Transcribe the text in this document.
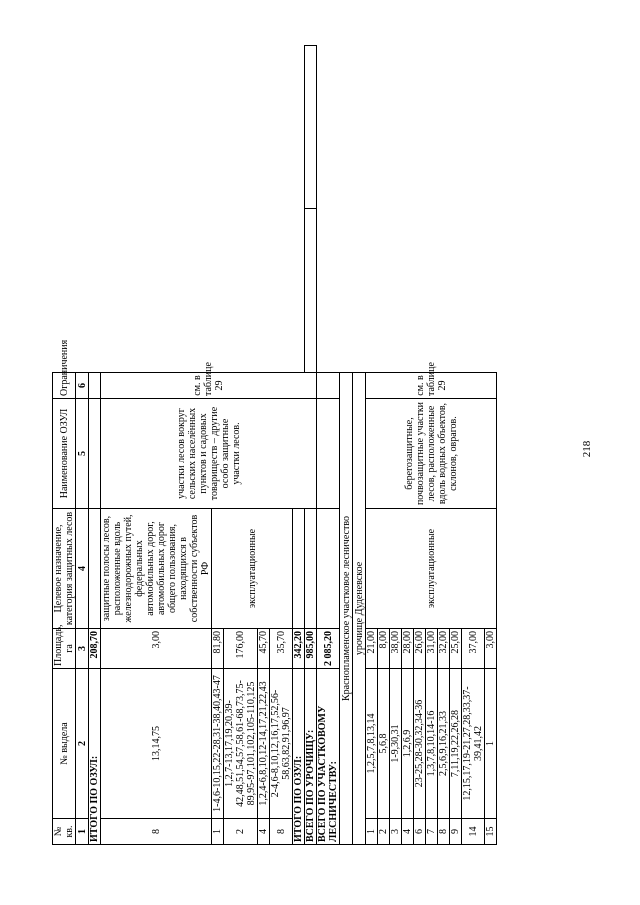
№ кв.	№ выдела	Площадь, га	Целевое назначение, категория защитных лесов	Наименование ОЗУЛ	Ограничения		
1	2	3	4	5	6		
ИТОГО ПО ОЗУЛ:		208,70					
8	13,14,75	3,00	защитные полосы лесов, расположенные вдоль железнодорожных путей, федеральных автомобильных дорог, автомобильных дорог общего пользования, находящихся в собственности субъектов РФ	участки лесов вокруг сельских населённых пунктов и садовых товариществ – другие особо защитные участки лесов.	см. в таблице 29		
1	1-4,6-10,15,22-28,31-38,40,43-47	81,80	эксплуатационные				
2	1,2,7-13,17,19,20,39-42,48,51,54,57,58,61-68,73,75-89,95-97,101,102,105-110,125	176,00					
4	1,2,4-6,8,10,12-14,17,21,22,43	45,70					
8	2-4,6-8,10,12,16,17,52,56-58,63,82,91,96,97	35,70					
ИТОГО ПО ОЗУЛ:		342,20					
ВСЕГО ПО УРОЧИЩУ:		985,00					
ВСЕГО ПО УЧАСТКОВОМУ ЛЕСНИЧЕСТВУ:		2 085,20					
Краснопламенское участковое лесничество							
урочище Дуденевское							
1	1,2,5,7,8,13,14	21,00	эксплуатационные	берегозащитные, почвозащитные участки лесов, расположенные вдоль водных объектов, склонов, оврагов.	см. в таблице 29		
2	5,6,8	8,00					
3	1-9,30,31	38,00					
4	1,2,6,9	28,00					
6	23-25,28-30,32,34-36	26,00					
7	1,3,7,8,10,14-16	31,00					
8	2,5,6,9,16,21,33	32,00					
9	7,11,19,22,26,28	25,00					
14	12,15,17,19-21,27,28,33,37-39,41,42	37,00					
15	1	3,00					
218
